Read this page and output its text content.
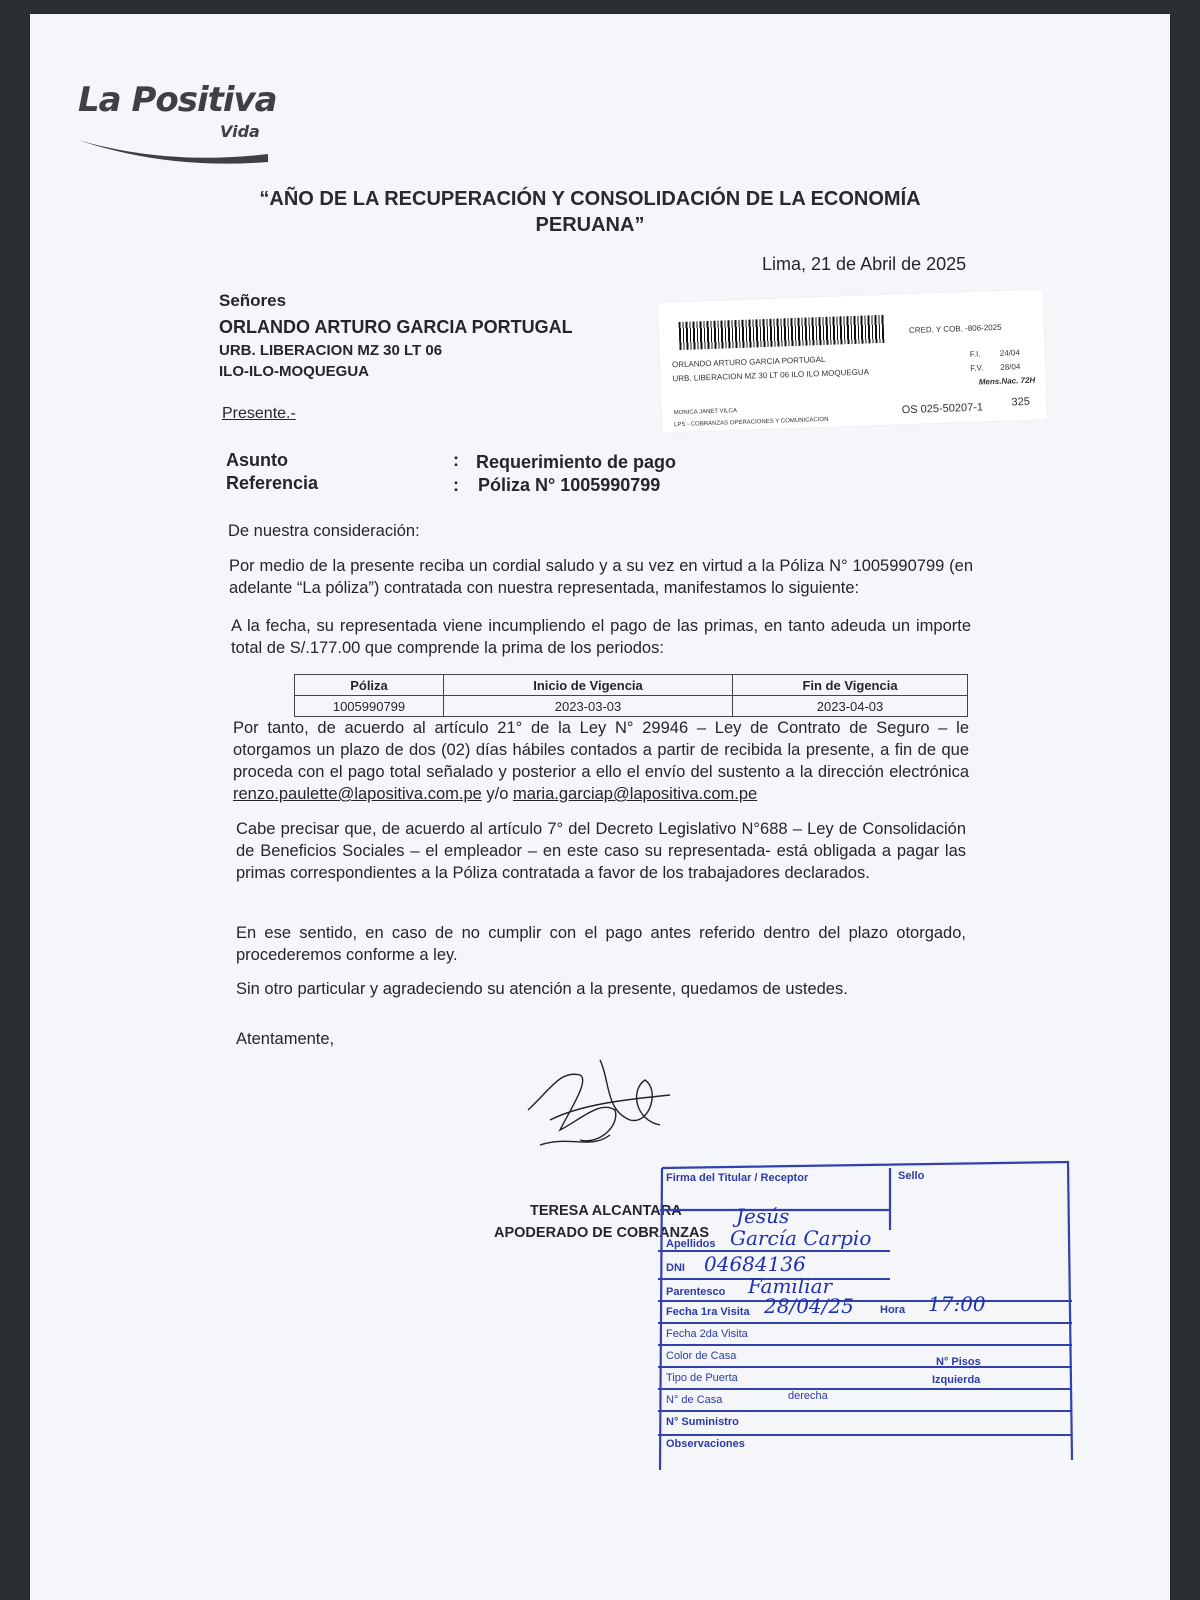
La Positiva
Vida
“AÑO DE LA RECUPERACIÓN Y CONSOLIDACIÓN DE LA ECONOMÍA PERUANA”
Lima, 21 de Abril de 2025
Señores
ORLANDO ARTURO GARCIA PORTUGAL
URB. LIBERACION MZ 30 LT 06
ILO-ILO-MOQUEGUA
Presente.-
CRED. Y COB. -806-2025
ORLANDO ARTURO GARCIA PORTUGAL
URB. LIBERACION MZ 30 LT 06 ILO ILO MOQUEGUA
F.I. 24/04
F.V. 28/04
Mens.Nac. 72H
MONICA JANET VILCA
LPS - COBRANZAS OPERACIONES Y COMUNICACION
OS 025-50207-1	325
Asunto	: Requerimiento de pago
Referencia	: Póliza N° 1005990799
De nuestra consideración:
Por medio de la presente reciba un cordial saludo y a su vez en virtud a la Póliza N° 1005990799 (en adelante “La póliza”) contratada con nuestra representada, manifestamos lo siguiente:
A la fecha, su representada viene incumpliendo el pago de las primas, en tanto adeuda un importe total de S/.177.00 que comprende la prima de los periodos:
Póliza	Inicio de Vigencia	Fin de Vigencia
1005990799	2023-03-03	2023-04-03
Por tanto, de acuerdo al artículo 21° de la Ley N° 29946 – Ley de Contrato de Seguro – le otorgamos un plazo de dos (02) días hábiles contados a partir de recibida la presente, a fin de que proceda con el pago total señalado y posterior a ello el envío del sustento a la dirección electrónica renzo.paulette@lapositiva.com.pe y/o maria.garciap@lapositiva.com.pe
Cabe precisar que, de acuerdo al artículo 7° del Decreto Legislativo N°688 – Ley de Consolidación de Beneficios Sociales – el empleador – en este caso su representada- está obligada a pagar las primas correspondientes a la Póliza contratada a favor de los trabajadores declarados.
En ese sentido, en caso de no cumplir con el pago antes referido dentro del plazo otorgado, procederemos conforme a ley.
Sin otro particular y agradeciendo su atención a la presente, quedamos de ustedes.
Atentamente,
TERESA ALCANTARA
APODERADO DE COBRANZAS
Firma del Titular / Receptor	Sello
Jesús
Apellidos García Carpio
DNI 04684136
Parentesco Familiar
Fecha 1ra Visita 28/04/25 Hora 17:00
Fecha 2da Visita
Color de Casa	N° Pisos
Tipo de Puerta	Izquierda
N° de Casa	derecha
N° Suministro
Observaciones
